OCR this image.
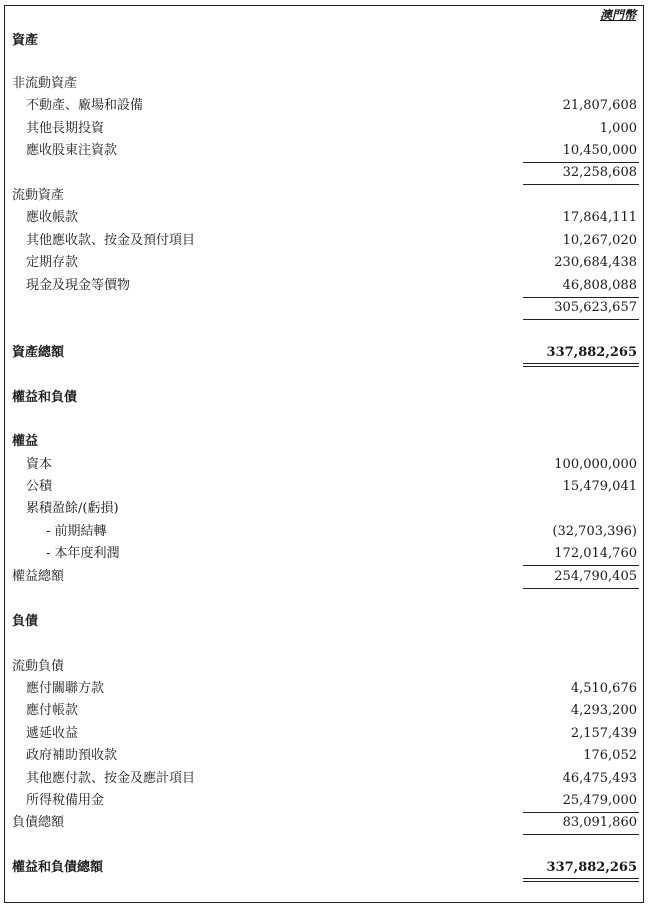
澳門幣
資產
非流動資產
不動產、廠場和設備	21,807,608
其他長期投資	1,000
應收股東注資款	10,450,000
32,258,608
流動資產
應收帳款	17,864,111
其他應收款、按金及預付項目	10,267,020
定期存款	230,684,438
現金及現金等價物	46,808,088
305,623,657
資產總額	337,882,265
權益和負債
權益
資本	100,000,000
公積	15,479,041
累積盈餘/(虧損)
- 前期結轉	(32,703,396)
- 本年度利潤	172,014,760
權益總額	254,790,405
負債
流動負債
應付關聯方款	4,510,676
應付帳款	4,293,200
遞延收益	2,157,439
政府補助預收款	176,052
其他應付款、按金及應計項目	46,475,493
所得稅備用金	25,479,000
負債總額	83,091,860
權益和負債總額	337,882,265
